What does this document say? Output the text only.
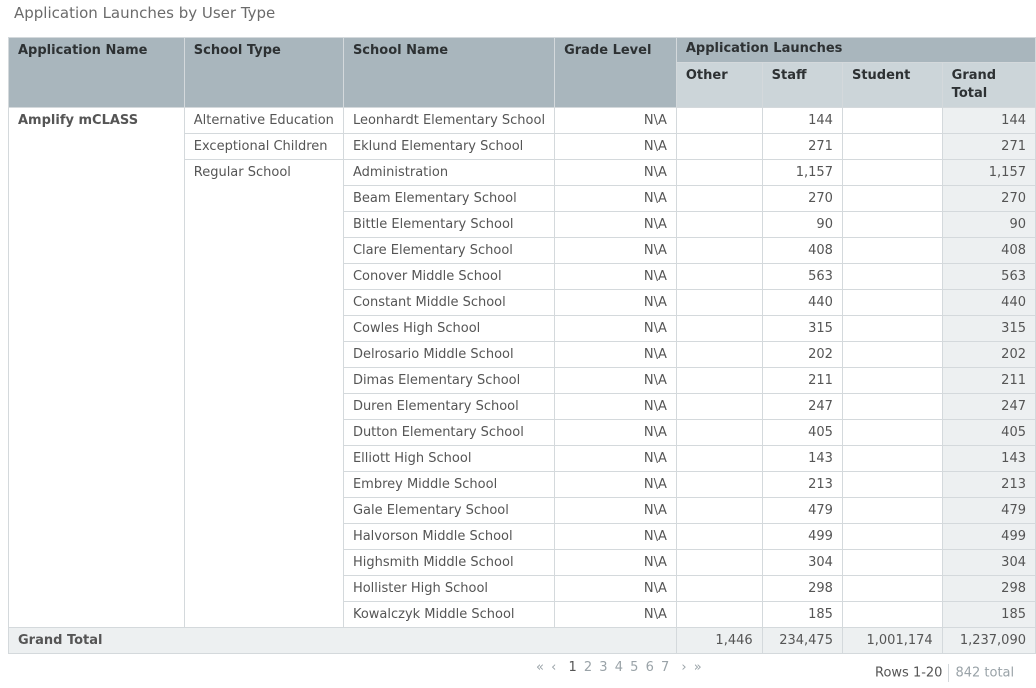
Application Launches by User Type
Application Name	School Type	School Name	Grade Level	Application Launches			

				Other	Staff	Student	Grand Total

Amplify mCLASS	Alternative Education	Leonhardt Elementary School	N\A		144		144

	Exceptional Children	Eklund Elementary School	N\A		271		271

	Regular School	Administration	N\A		1,157		1,157

		Beam Elementary School	N\A		270		270

		Bittle Elementary School	N\A		90		90

		Clare Elementary School	N\A		408		408

		Conover Middle School	N\A		563		563

		Constant Middle School	N\A		440		440

		Cowles High School	N\A		315		315

		Delrosario Middle School	N\A		202		202

		Dimas Elementary School	N\A		211		211

		Duren Elementary School	N\A		247		247

		Dutton Elementary School	N\A		405		405

		Elliott High School	N\A		143		143

		Embrey Middle School	N\A		213		213

		Gale Elementary School	N\A		479		479

		Halvorson Middle School	N\A		499		499

		Highsmith Middle School	N\A		304		304

		Hollister High School	N\A		298		298

		Kowalczyk Middle School	N\A		185		185

Grand Total				1,446	234,475	1,001,174	1,237,090
« ‹ 1 2 3 4 5 6 7 › »	Rows 1-20 842 total
